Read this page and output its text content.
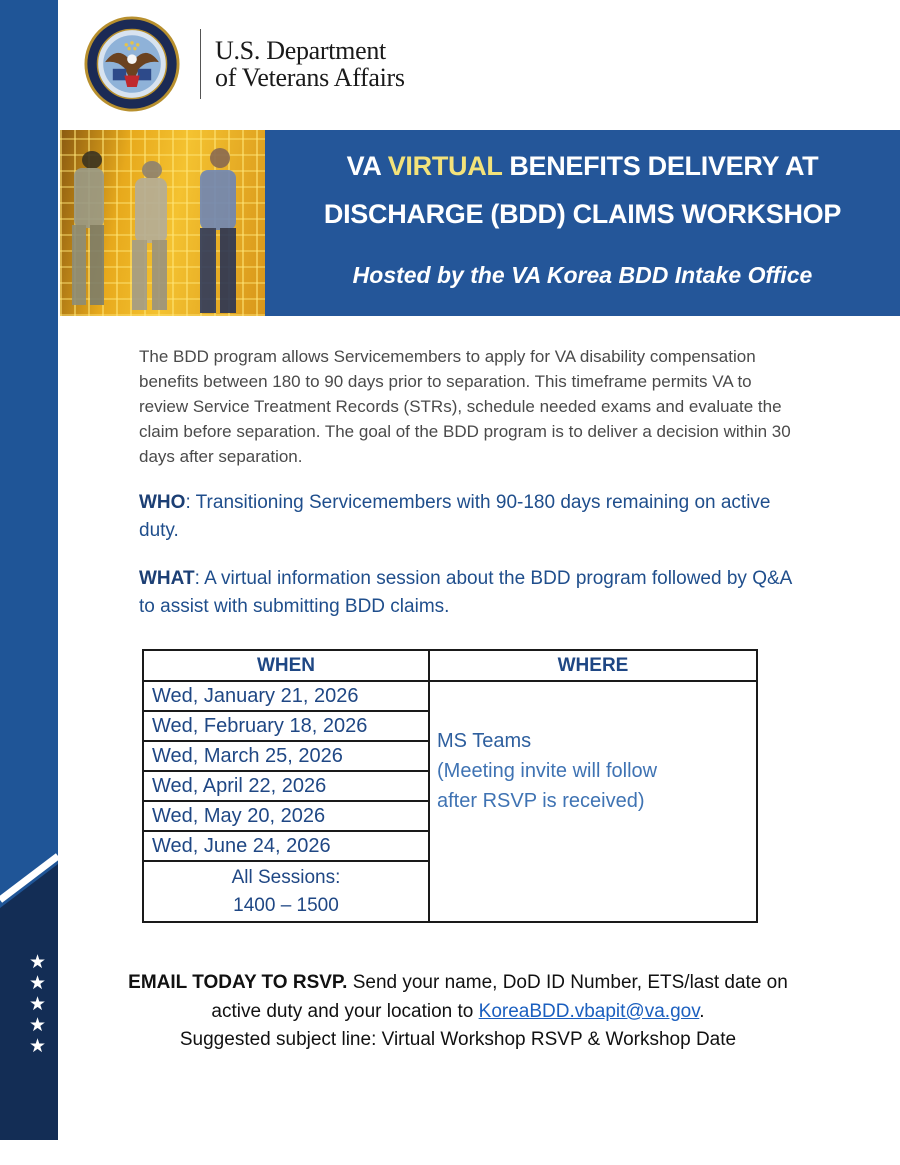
★
★
★
★
★
U.S. Department
of Veterans Affairs
VA VIRTUAL BENEFITS DELIVERY AT
DISCHARGE (BDD) CLAIMS WORKSHOP
Hosted by the VA Korea BDD Intake Office
The BDD program allows Servicemembers to apply for VA disability compensation benefits between 180 to 90 days prior to separation. This timeframe permits VA to review Service Treatment Records (STRs), schedule needed exams and evaluate the claim before separation. The goal of the BDD program is to deliver a decision within 30 days after separation.
WHO: Transitioning Servicemembers with 90-180 days remaining on active duty.
WHAT: A virtual information session about the BDD program followed by Q&A to assist with submitting BDD claims.
WHEN	WHERE
Wed, January 21, 2026	MS Teams
(Meeting invite will follow
after RSVP is received)

Wed, February 18, 2026	
Wed, March 25, 2026	
Wed, April 22, 2026	
Wed, May 20, 2026	
Wed, June 24, 2026	

All Sessions:
1400 – 1500	
EMAIL TODAY TO RSVP. Send your name, DoD ID Number, ETS/last date on active duty and your location to KoreaBDD.vbapit@va.gov.
Suggested subject line: Virtual Workshop RSVP & Workshop Date
